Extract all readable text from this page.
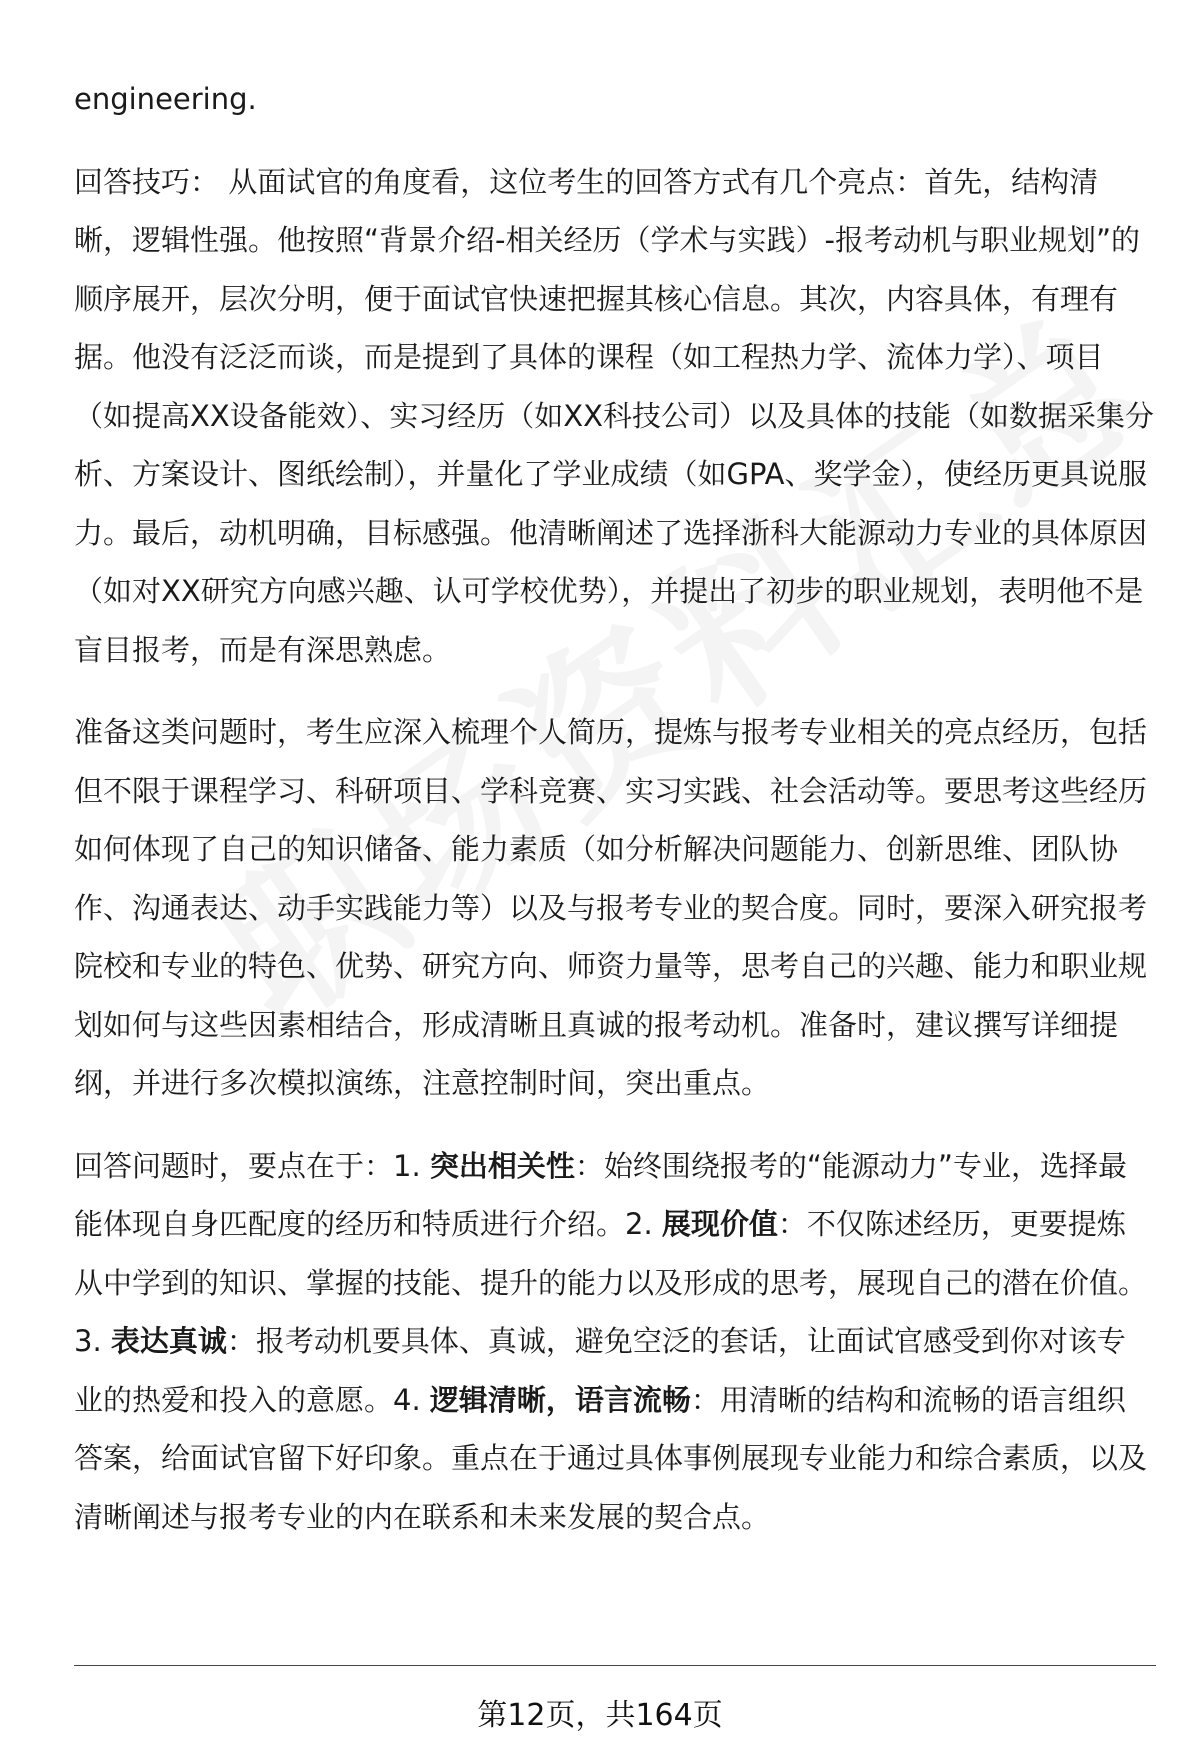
engineering.

回答技巧： 从面试官的角度看，这位考生的回答方式有几个亮点：首先，结构清晰，逻辑性强。他按照“背景介绍-相关经历（学术与实践）-报考动机与职业规划”的顺序展开，层次分明，便于面试官快速把握其核心信息。其次，内容具体，有理有据。他没有泛泛而谈，而是提到了具体的课程（如工程热力学、流体力学）、项目（如提高XX设备能效）、实习经历（如XX科技公司）以及具体的技能（如数据采集分析、方案设计、图纸绘制），并量化了学业成绩（如GPA、奖学金），使经历更具说服力。最后，动机明确，目标感强。他清晰阐述了选择浙科大能源动力专业的具体原因（如对XX研究方向感兴趣、认可学校优势），并提出了初步的职业规划，表明他不是盲目报考，而是有深思熟虑。

准备这类问题时，考生应深入梳理个人简历，提炼与报考专业相关的亮点经历，包括但不限于课程学习、科研项目、学科竞赛、实习实践、社会活动等。要思考这些经历如何体现了自己的知识储备、能力素质（如分析解决问题能力、创新思维、团队协作、沟通表达、动手实践能力等）以及与报考专业的契合度。同时，要深入研究报考院校和专业的特色、优势、研究方向、师资力量等，思考自己的兴趣、能力和职业规划如何与这些因素相结合，形成清晰且真诚的报考动机。准备时，建议撰写详细提纲，并进行多次模拟演练，注意控制时间，突出重点。

回答问题时，要点在于：1. 突出相关性：始终围绕报考的“能源动力”专业，选择最能体现自身匹配度的经历和特质进行介绍。2. 展现价值：不仅陈述经历，更要提炼从中学到的知识、掌握的技能、提升的能力以及形成的思考，展现自己的潜在价值。3. 表达真诚：报考动机要具体、真诚，避免空泛的套话，让面试官感受到你对该专业的热爱和投入的意愿。4. 逻辑清晰，语言流畅：用清晰的结构和流畅的语言组织答案，给面试官留下好印象。重点在于通过具体事例展现专业能力和综合素质，以及清晰阐述与报考专业的内在联系和未来发展的契合点。

第12页，共164页
